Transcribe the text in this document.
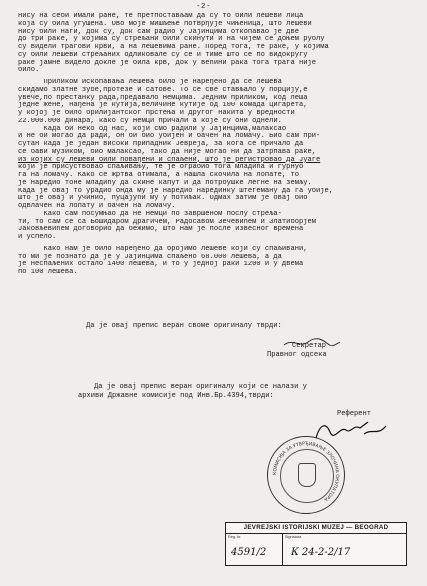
-2-
нису на себи имали ране, те претпостављам да су то били лешеви лица
која су била угушена. Ово моје мишљење потврђује чињеница, што лешеви
нису били наги, док су, док сам радио у Јајинцима откопавао је две
до три раке, у којима су стрељани били скинути и на чијем се доњем рублу
су видели трагови крви, а на лешевима ране. Поред тога, те раке, у којима
су били лешеви стрељаних одликовале су се и тиме што се по видокругу
раке јамне видело докле је била крв, док у већини рака тога трага није
било.
Приликом ископавања лешева било је наређено да се лешева
скидамо златне зубе,протезе и сатове. То се све стављало у порцију,е
увече,по престанку рада,предавало Немцима. Једним приликом, код леша
једне жене, нађена је кутија,величине кутије од 100 комада цигарета,
у којој је било брилијантског прстења и другог накита у вредности
22.000.000 динара, како су Немци причали а које су они однели.
Када би неко од нас, који смо радили у Јајинцима,малаксао
и не би могао да ради, он би био убијен и бачен на ломачу. Био сам при-
сутан када је један високи припадник Јевреја, за кога се причало да
се бави музиком, био малаксао, тако да није могао ни да затрпава раке,
из којих су лешеви били повађени и спаљени, што је регистровао да Јуаге
који је присуствовао спаљивању, те је ограбио тога младића и гурнуо
га на ломачу. Како се жртва отимала, а нашла скочила на лопате, то
је наредио тоне младићу да скине капут и да потрбушке легне на земљу.
Када је овај то урадио онда му је наредио нарединку Штегеману да га убије,
што је овај и учинио, пуцајући му у потиљак. Одмах затим је овај био
одвлачен на лопату и бачен на ломачу.
Како сам посумњао да не Немци по завршеном послу стреља-
ти, то сам се са Бошидаром Драгичем, Радосавом Зечевићем и Златиборјем
Јаковљевићем договорио да бежимо, што нам је после извесног времена
и успело.
Како нам је било наређено да бројимо лешеве који су спаљивани,
то ми је познато да је у Јајинцима спаљено 68.000 лешева, а да
је неспаљених остало 1400 лешева, и то у једној рaки 1200 и у двема
по 100 лешева.
Да је овај препис веран своме оригиналу тврди:
Секретар
Правног одсека
Да је овај препис веран оригиналу који се налази у
архиви Државне комисије под Инв.Бр.4394,тврди:
Референт
КОМИСИЈА ЗА УТВРЂИВАЊЕ ЗЛОЧИНА ОКУПАТОРА
JEVREJSKI ISTORIJSKI MUZEJ — BEOGRAD
Reg. br.
4591/2
Signatura
К 24-2-2/17
